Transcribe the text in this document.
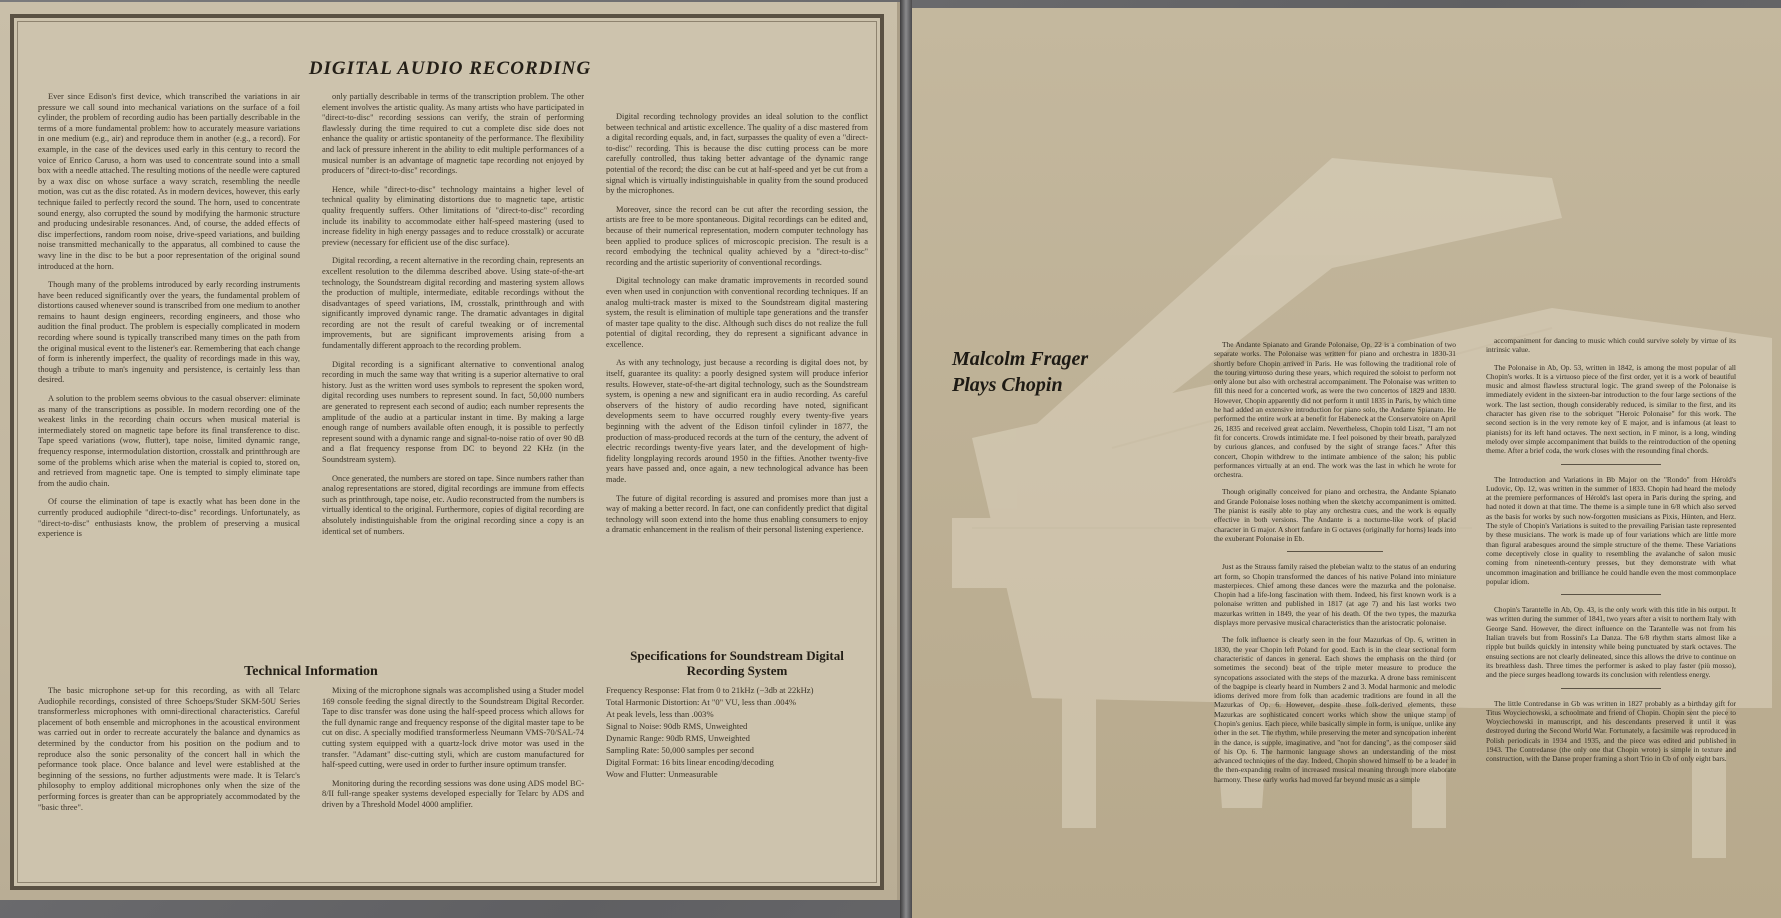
DIGITAL AUDIO RECORDING

Ever since Edison's first device, which transcribed the variations in air pressure we call sound into mechanical variations on the surface of a foil cylinder, the problem of recording audio has been partially describable in the terms of a more fundamental problem: how to accurately measure variations in one medium (e.g., air) and reproduce them in another (e.g., a record). For example, in the case of the devices used early in this century to record the voice of Enrico Caruso, a horn was used to concentrate sound into a small box with a needle attached. The resulting motions of the needle were captured by a wax disc on whose surface a wavy scratch, resembling the needle motion, was cut as the disc rotated. As in modern devices, however, this early technique failed to perfectly record the sound. The horn, used to concentrate sound energy, also corrupted the sound by modifying the harmonic structure and producing undesirable resonances. And, of course, the added effects of disc imperfections, random room noise, drive-speed variations, and building noise transmitted mechanically to the apparatus, all combined to cause the wavy line in the disc to be but a poor representation of the original sound introduced at the horn.

Though many of the problems introduced by early recording instruments have been reduced significantly over the years, the fundamental problem of distortions caused whenever sound is transcribed from one medium to another remains to haunt design engineers, recording engineers, and those who audition the final product. The problem is especially complicated in modern recording where sound is typically transcribed many times on the path from the original musical event to the listener's ear. Remembering that each change of form is inherently imperfect, the quality of recordings made in this way, though a tribute to man's ingenuity and persistence, is certainly less than desired.

A solution to the problem seems obvious to the casual observer: eliminate as many of the transcriptions as possible. In modern recording one of the weakest links in the recording chain occurs when musical material is intermediately stored on magnetic tape before its final transference to disc. Tape speed variations (wow, flutter), tape noise, limited dynamic range, frequency response, intermodulation distortion, crosstalk and printthrough are some of the problems which arise when the material is copied to, stored on, and retrieved from magnetic tape. One is tempted to simply eliminate tape from the audio chain.

Of course the elimination of tape is exactly what has been done in the currently produced audiophile "direct-to-disc" recordings. Unfortunately, as "direct-to-disc" enthusiasts know, the problem of preserving a musical experience is

only partially describable in terms of the transcription problem. The other element involves the artistic quality. As many artists who have participated in "direct-to-disc" recording sessions can verify, the strain of performing flawlessly during the time required to cut a complete disc side does not enhance the quality or artistic spontaneity of the performance. The flexibility and lack of pressure inherent in the ability to edit multiple performances of a musical number is an advantage of magnetic tape recording not enjoyed by producers of "direct-to-disc" recordings.

Hence, while "direct-to-disc" technology maintains a higher level of technical quality by eliminating distortions due to magnetic tape, artistic quality frequently suffers. Other limitations of "direct-to-disc" recording include its inability to accommodate either half-speed mastering (used to increase fidelity in high energy passages and to reduce crosstalk) or accurate preview (necessary for efficient use of the disc surface).

Digital recording, a recent alternative in the recording chain, represents an excellent resolution to the dilemma described above. Using state-of-the-art technology, the Soundstream digital recording and mastering system allows the production of multiple, intermediate, editable recordings without the disadvantages of speed variations, IM, crosstalk, printthrough and with significantly improved dynamic range. The dramatic advantages in digital recording are not the result of careful tweaking or of incremental improvements, but are significant improvements arising from a fundamentally different approach to the recording problem.

Digital recording is a significant alternative to conventional analog recording in much the same way that writing is a superior alternative to oral history. Just as the written word uses symbols to represent the spoken word, digital recording uses numbers to represent sound. In fact, 50,000 numbers are generated to represent each second of audio; each number represents the amplitude of the audio at a particular instant in time. By making a large enough range of numbers available often enough, it is possible to perfectly represent sound with a dynamic range and signal-to-noise ratio of over 90 dB and a flat frequency response from DC to beyond 22 KHz (in the Soundstream system).

Once generated, the numbers are stored on tape. Since numbers rather than analog representations are stored, digital recordings are immune from effects such as printthrough, tape noise, etc. Audio reconstructed from the numbers is virtually identical to the original. Furthermore, copies of digital recording are absolutely indistinguishable from the original recording since a copy is an identical set of numbers.

Digital recording technology provides an ideal solution to the conflict between technical and artistic excellence. The quality of a disc mastered from a digital recording equals, and, in fact, surpasses the quality of even a "direct-to-disc" recording. This is because the disc cutting process can be more carefully controlled, thus taking better advantage of the dynamic range potential of the record; the disc can be cut at half-speed and yet be cut from a signal which is virtually indistinguishable in quality from the sound produced by the microphones.

Moreover, since the record can be cut after the recording session, the artists are free to be more spontaneous. Digital recordings can be edited and, because of their numerical representation, modern computer technology has been applied to produce splices of microscopic precision. The result is a record embodying the technical quality achieved by a "direct-to-disc" recording and the artistic superiority of conventional recordings.

Digital technology can make dramatic improvements in recorded sound even when used in conjunction with conventional recording techniques. If an analog multi-track master is mixed to the Soundstream digital mastering system, the result is elimination of multiple tape generations and the transfer of master tape quality to the disc. Although such discs do not realize the full potential of digital recording, they do represent a significant advance in excellence.

As with any technology, just because a recording is digital does not, by itself, guarantee its quality: a poorly designed system will produce inferior results. However, state-of-the-art digital technology, such as the Soundstream system, is opening a new and significant era in audio recording. As careful observers of the history of audio recording have noted, significant developments seem to have occurred roughly every twenty-five years beginning with the advent of the Edison tinfoil cylinder in 1877, the production of mass-produced records at the turn of the century, the advent of electric recordings twenty-five years later, and the development of high-fidelity longplaying records around 1950 in the fifties. Another twenty-five years have passed and, once again, a new technological advance has been made.

The future of digital recording is assured and promises more than just a way of making a better record. In fact, one can confidently predict that digital technology will soon extend into the home thus enabling consumers to enjoy a dramatic enhancement in the realism of their personal listening experience.

Technical Information

The basic microphone set-up for this recording, as with all Telarc Audiophile recordings, consisted of three Schoeps/Studer SKM-50U Series transformerless microphones with omni-directional characteristics. Careful placement of both ensemble and microphones in the acoustical environment was carried out in order to recreate accurately the balance and dynamics as determined by the conductor from his position on the podium and to reproduce also the sonic personality of the concert hall in which the peformance took place. Once balance and level were established at the beginning of the sessions, no further adjustments were made. It is Telarc's philosophy to employ additional microphones only when the size of the performing forces is greater than can be appropriately accommodated by the "basic three".

Mixing of the microphone signals was accomplished using a Studer model 169 console feeding the signal directly to the Soundstream Digital Recorder. Tape to disc transfer was done using the half-speed process which allows for the full dynamic range and frequency response of the digital master tape to be cut on disc. A specially modified transformerless Neumann VMS-70/SAL-74 cutting system equipped with a quartz-lock drive motor was used in the transfer. "Adamant" disc-cutting styli, which are custom manufactured for half-speed cutting, were used in order to further insure optimum transfer.

Monitoring during the recording sessions was done using ADS model BC-8/II full-range speaker systems developed especially for Telarc by ADS and driven by a Threshold Model 4000 amplifier.

Specifications for Soundstream Digital Recording System
Frequency Response: Flat from 0 to 21kHz (−3db at 22kHz)
Total Harmonic Distortion: At "0" VU, less than .004%
At peak levels, less than .003%
Signal to Noise: 90db RMS, Unweighted
Dynamic Range: 90db RMS, Unweighted
Sampling Rate: 50,000 samples per second
Digital Format: 16 bits linear encoding/decoding
Wow and Flutter: Unmeasurable
Malcolm Frager
Plays Chopin

The Andante Spianato and Grande Polonaise, Op. 22 is a combination of two separate works. The Polonaise was written for piano and orchestra in 1830-31 shortly before Chopin arrived in Paris. He was following the traditional role of the touring virtuoso during these years, which required the soloist to perform not only alone but also with orchestral accompaniment. The Polonaise was written to fill this need for a concerted work, as were the two concertos of 1829 and 1830. However, Chopin apparently did not perform it until 1835 in Paris, by which time he had added an extensive introduction for piano solo, the Andante Spianato. He performed the entire work at a benefit for Habeneck at the Conservatoire on April 26, 1835 and received great acclaim. Nevertheless, Chopin told Liszt, "I am not fit for concerts. Crowds intimidate me. I feel poisoned by their breath, paralyzed by curious glances, and confused by the sight of strange faces." After this concert, Chopin withdrew to the intimate ambience of the salon; his public performances virtually at an end. The work was the last in which he wrote for orchestra.

Though originally conceived for piano and orchestra, the Andante Spianato and Grande Polonaise loses nothing when the sketchy accompaniment is omitted. The pianist is easily able to play any orchestra cues, and the work is equally effective in both versions. The Andante is a nocturne-like work of placid character in G major. A short fanfare in G octaves (originally for horns) leads into the exuberant Polonaise in Eb.

Just as the Strauss family raised the plebeian waltz to the status of an enduring art form, so Chopin transformed the dances of his native Poland into miniature masterpieces. Chief among these dances were the mazurka and the polonaise. Chopin had a life-long fascination with them. Indeed, his first known work is a polonaise written and published in 1817 (at age 7) and his last works two mazurkas written in 1849, the year of his death. Of the two types, the mazurka displays more pervasive musical characteristics than the aristocratic polonaise.

The folk influence is clearly seen in the four Mazurkas of Op. 6, written in 1830, the year Chopin left Poland for good. Each is in the clear sectional form characteristic of dances in general. Each shows the emphasis on the third (or sometimes the second) beat of the triple meter measure to produce the syncopations associated with the steps of the mazurka. A drone bass reminiscent of the bagpipe is clearly heard in Numbers 2 and 3. Modal harmonic and melodic idioms derived more from folk than academic traditions are found in all the Mazurkas of Op. 6. However, despite these folk-derived elements, these Mazurkas are sophisticated concert works which show the unique stamp of Chopin's genius. Each piece, while basically simple in form, is unique, unlike any other in the set. The rhythm, while preserving the meter and syncopation inherent in the dance, is supple, imaginative, and "not for dancing", as the composer said of his Op. 6. The harmonic language shows an understanding of the most advanced techniques of the day. Indeed, Chopin showed himself to be a leader in the then-expanding realm of increased musical meaning through more elaborate harmony. These early works had moved far beyond music as a simple

accompaniment for dancing to music which could survive solely by virtue of its intrinsic value.

The Polonaise in Ab, Op. 53, written in 1842, is among the most popular of all Chopin's works. It is a virtuoso piece of the first order, yet it is a work of beautiful music and almost flawless structural logic. The grand sweep of the Polonaise is immediately evident in the sixteen-bar introduction to the four large sections of the work. The last section, though considerably reduced, is similar to the first, and its character has given rise to the sobriquet "Heroic Polonaise" for this work. The second section is in the very remote key of E major, and is infamous (at least to pianists) for its left hand octaves. The next section, in F minor, is a long, winding melody over simple accompaniment that builds to the reintroduction of the opening theme. After a brief coda, the work closes with the resounding final chords.

The Introduction and Variations in Bb Major on the "Rondo" from Hérold's Ludovic, Op. 12, was written in the summer of 1833. Chopin had heard the melody at the premiere performances of Hérold's last opera in Paris during the spring, and had noted it down at that time. The theme is a simple tune in 6/8 which also served as the basis for works by such now-forgotten musicians as Pixis, Hünten, and Herz. The style of Chopin's Variations is suited to the prevailing Parisian taste represented by these musicians. The work is made up of four variations which are little more than figural arabesques around the simple structure of the theme. These Variations come deceptively close in quality to resembling the avalanche of salon music coming from nineteenth-century presses, but they demonstrate with what uncommon imagination and brilliance he could handle even the most commonplace popular idiom.

Chopin's Tarantelle in Ab, Op. 43, is the only work with this title in his output. It was written during the summer of 1841, two years after a visit to northern Italy with George Sand. However, the direct influence on the Tarantelle was not from his Italian travels but from Rossini's La Danza. The 6/8 rhythm starts almost like a ripple but builds quickly in intensity while being punctuated by stark octaves. The ensuing sections are not clearly delineated, since this allows the drive to continue on its breathless dash. Three times the performer is asked to play faster (più mosso), and the piece surges headlong towards its conclusion with relentless energy.

The little Contredanse in Gb was written in 1827 probably as a birthday gift for Titus Woyciechowski, a schoolmate and friend of Chopin. Chopin sent the piece to Woyciechowski in manuscript, and his descendants preserved it until it was destroyed during the Second World War. Fortunately, a facsimile was reproduced in Polish periodicals in 1934 and 1935, and the piece was edited and published in 1943. The Contredanse (the only one that Chopin wrote) is simple in texture and construction, with the Danse proper framing a short Trio in Cb of only eight bars.
